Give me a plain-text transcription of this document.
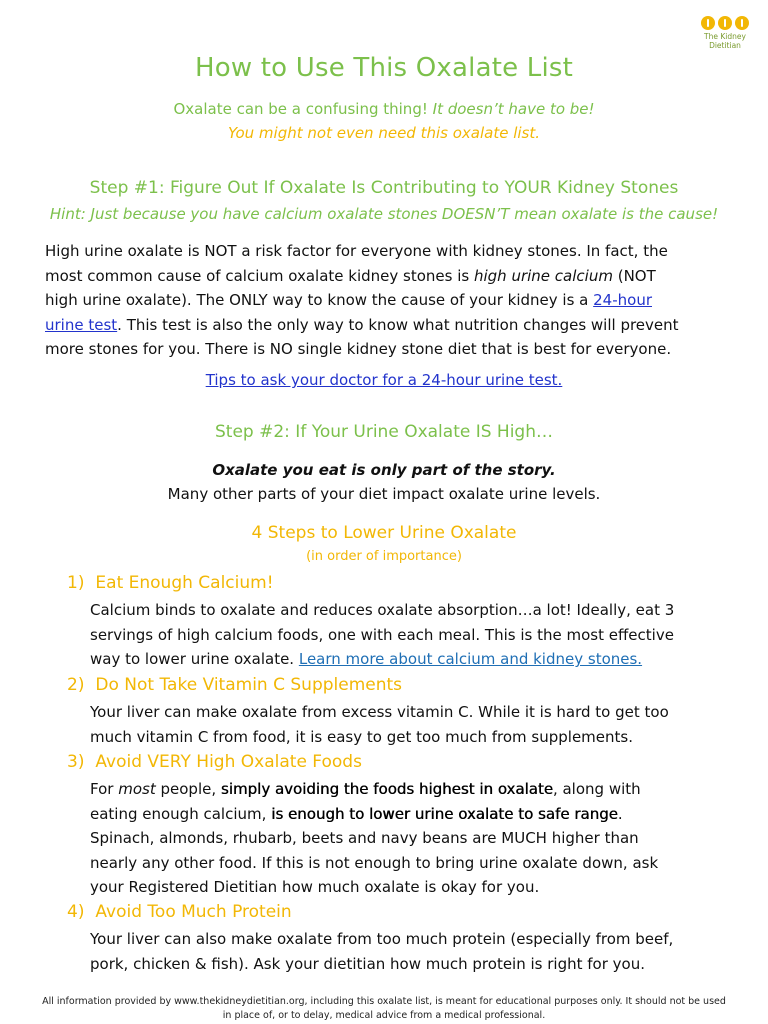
The Kidney
Dietitian

How to Use This Oxalate List
Oxalate can be a confusing thing! It doesn’t have to be!
You might not even need this oxalate list.
Step #1: Figure Out If Oxalate Is Contributing to YOUR Kidney Stones
Hint: Just because you have calcium oxalate stones DOESN’T mean oxalate is the cause!
High urine oxalate is NOT a risk factor for everyone with kidney stones. In fact, the most common cause of calcium oxalate kidney stones is high urine calcium (NOT high urine oxalate). The ONLY way to know the cause of your kidney is a 24-hour urine test. This test is also the only way to know what nutrition changes will prevent more stones for you. There is NO single kidney stone diet that is best for everyone.
Tips to ask your doctor for a 24-hour urine test.
Step #2: If Your Urine Oxalate IS High…
Oxalate you eat is only part of the story.
Many other parts of your diet impact oxalate urine levels.
4 Steps to Lower Urine Oxalate
(in order of importance)
1) Eat Enough Calcium!
Calcium binds to oxalate and reduces oxalate absorption…a lot! Ideally, eat 3 servings of high calcium foods, one with each meal. This is the most effective way to lower urine oxalate. Learn more about calcium and kidney stones.
2) Do Not Take Vitamin C Supplements
Your liver can make oxalate from excess vitamin C. While it is hard to get too much vitamin C from food, it is easy to get too much from supplements.
3) Avoid VERY High Oxalate Foods
For most people, simply avoiding the foods highest in oxalate, along with eating enough calcium, is enough to lower urine oxalate to safe range. Spinach, almonds, rhubarb, beets and navy beans are MUCH higher than nearly any other food. If this is not enough to bring urine oxalate down, ask your Registered Dietitian how much oxalate is okay for you.
4) Avoid Too Much Protein
Your liver can also make oxalate from too much protein (especially from beef, pork, chicken & fish). Ask your dietitian how much protein is right for you.
All information provided by www.thekidneydietitian.org, including this oxalate list, is meant for educational purposes only. It should not be used
in place of, or to delay, medical advice from a medical professional.
